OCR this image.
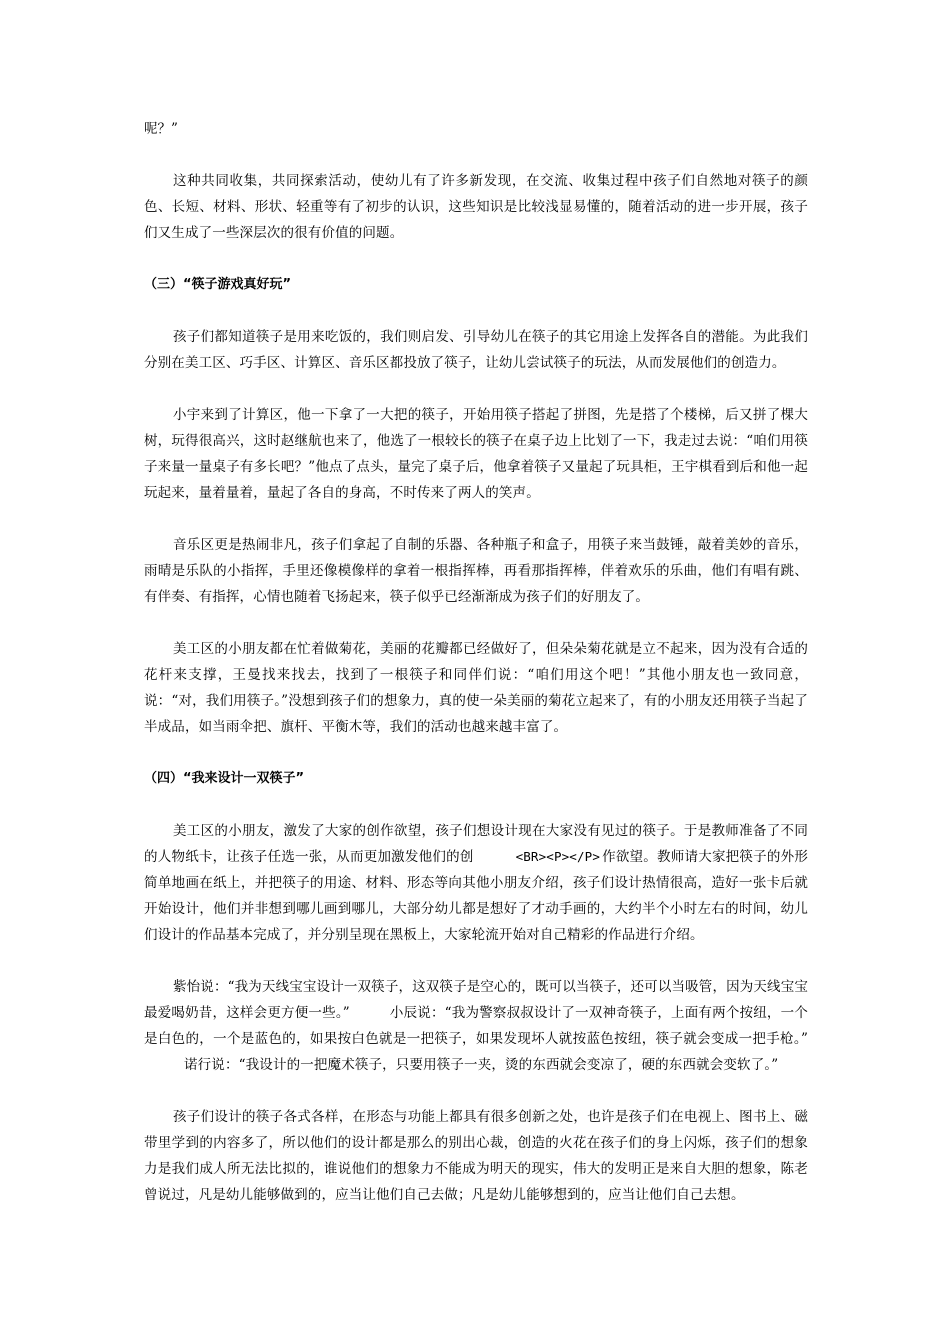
呢？”

这种共同收集，共同探索活动，使幼儿有了许多新发现，在交流、收集过程中孩子们自然地对筷子的颜色、长短、材料、形状、轻重等有了初步的认识，这些知识是比较浅显易懂的，随着活动的进一步开展，孩子们又生成了一些深层次的很有价值的问题。

（三）“筷子游戏真好玩”

孩子们都知道筷子是用来吃饭的，我们则启发、引导幼儿在筷子的其它用途上发挥各自的潜能。为此我们分别在美工区、巧手区、计算区、音乐区都投放了筷子，让幼儿尝试筷子的玩法，从而发展他们的创造力。

小宇来到了计算区，他一下拿了一大把的筷子，开始用筷子搭起了拼图，先是搭了个楼梯，后又拼了棵大树，玩得很高兴，这时赵继航也来了，他选了一根较长的筷子在桌子边上比划了一下，我走过去说：“咱们用筷子来量一量桌子有多长吧？”他点了点头，量完了桌子后，他拿着筷子又量起了玩具柜，王宇棋看到后和他一起玩起来，量着量着，量起了各自的身高，不时传来了两人的笑声。

音乐区更是热闹非凡，孩子们拿起了自制的乐器、各种瓶子和盒子，用筷子来当鼓锤，敲着美妙的音乐，雨晴是乐队的小指挥，手里还像模像样的拿着一根指挥棒，再看那指挥棒，伴着欢乐的乐曲，他们有唱有跳、有伴奏、有指挥，心情也随着飞扬起来，筷子似乎已经渐渐成为孩子们的好朋友了。

美工区的小朋友都在忙着做菊花，美丽的花瓣都已经做好了，但朵朵菊花就是立不起来，因为没有合适的花杆来支撑，王曼找来找去，找到了一根筷子和同伴们说：“咱们用这个吧！”其他小朋友也一致同意，说：“对，我们用筷子。”没想到孩子们的想象力，真的使一朵美丽的菊花立起来了，有的小朋友还用筷子当起了半成品，如当雨伞把、旗杆、平衡木等，我们的活动也越来越丰富了。

（四）“我来设计一双筷子”

美工区的小朋友，激发了大家的创作欲望，孩子们想设计现在大家没有见过的筷子。于是教师准备了不同的人物纸卡，让孩子任选一张，从而更加激发他们的创	<BR><P></P> 作欲望。教师请大家把筷子的外形简单地画在纸上，并把筷子的用途、材料、形态等向其他小朋友介绍，孩子们设计热情很高，造好一张卡后就开始设计，他们并非想到哪儿画到哪儿，大部分幼儿都是想好了才动手画的，大约半个小时左右的时间，幼儿们设计的作品基本完成了，并分别呈现在黑板上，大家轮流开始对自己精彩的作品进行介绍。

紫怡说：“我为天线宝宝设计一双筷子，这双筷子是空心的，既可以当筷子，还可以当吸管，因为天线宝宝最爱喝奶昔，这样会更方便一些。”	小辰说：“我为警察叔叔设计了一双神奇筷子，上面有两个按纽，一个是白色的，一个是蓝色的，如果按白色就是一把筷子，如果发现坏人就按蓝色按纽，筷子就会变成一把手枪。”诺行说：“我设计的一把魔术筷子，只要用筷子一夹，烫的东西就会变凉了，硬的东西就会变软了。”

孩子们设计的筷子各式各样，在形态与功能上都具有很多创新之处，也许是孩子们在电视上、图书上、磁带里学到的内容多了，所以他们的设计都是那么的别出心裁，创造的火花在孩子们的身上闪烁，孩子们的想象力是我们成人所无法比拟的，谁说他们的想象力不能成为明天的现实，伟大的发明正是来自大胆的想象，陈老曾说过，凡是幼儿能够做到的，应当让他们自己去做；凡是幼儿能够想到的，应当让他们自己去想。
